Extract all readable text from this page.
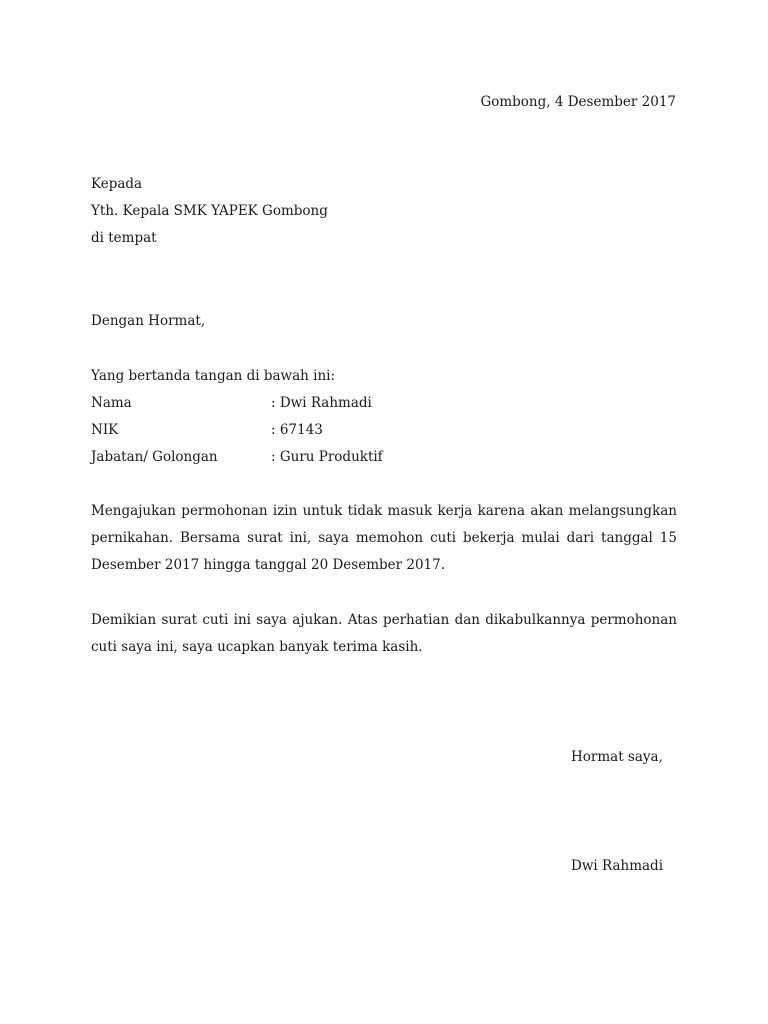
Gombong, 4 Desember 2017
Kepada
Yth. Kepala SMK YAPEK Gombong
di tempat
Dengan Hormat,
Yang bertanda tangan di bawah ini:
Nama	: Dwi Rahmadi
NIK	: 67143
Jabatan/ Golongan	: Guru Produktif
Mengajukan permohonan izin untuk tidak masuk kerja karena akan melangsungkan pernikahan. Bersama surat ini, saya memohon cuti bekerja mulai dari tanggal 15 Desember 2017 hingga tanggal 20 Desember 2017.
Demikian surat cuti ini saya ajukan. Atas perhatian dan dikabulkannya permohonan cuti saya ini, saya ucapkan banyak terima kasih.
Hormat saya,
Dwi Rahmadi
